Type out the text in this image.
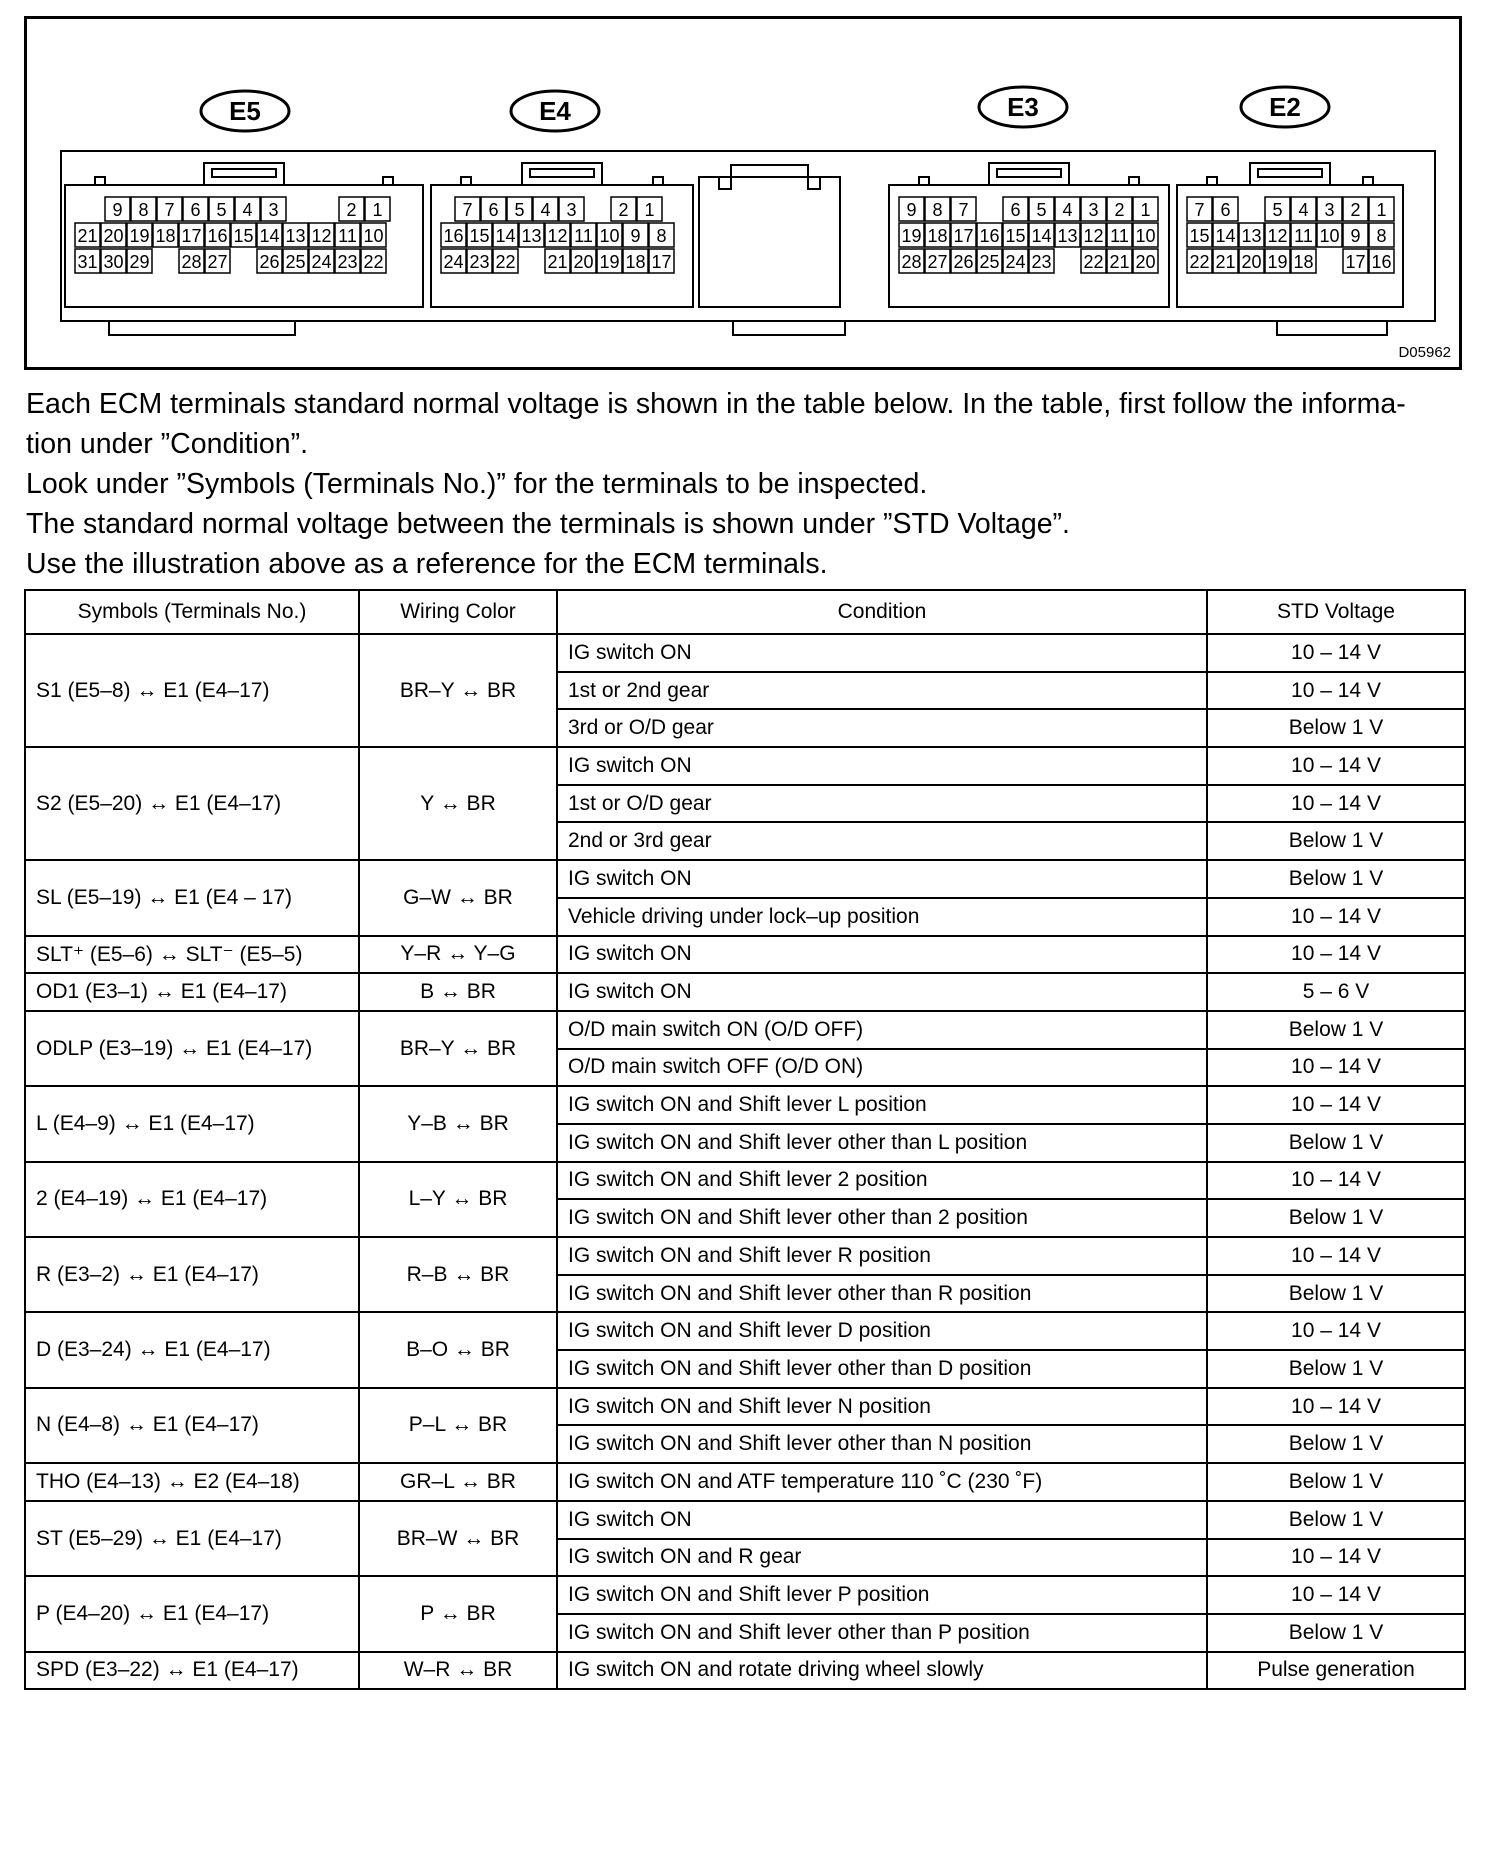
E5
9 8 7 6 5 4 3	2 1
21 20 19 18 17 16 15 14 13 12 11 10
31 30 29 28 27 26 25 24 23 22
E4
7 6 5 4 3 2 1
16 15 14 13 12 11 10 9 8
24 23 22 21 20 19 18 17
E3
9 8 7 6 5 4 3 2 1
19 18 17 16 15 14 13 12 11 10
28 27 26 25 24 23 22 21 20
E2
7 6 5 4 3 2 1
15 14 13 12 11 10 9 8
22 21 20 19 18 17 16
D05962

Each ECM terminals standard normal voltage is shown in the table below. In the table, first follow the informa-

tion under ”Condition”.

Look under ”Symbols (Terminals No.)” for the terminals to be inspected.

The standard normal voltage between the terminals is shown under ”STD Voltage”.

Use the illustration above as a reference for the ECM terminals.

Symbols (Terminals No.)	Wiring Color	Condition	STD Voltage
S1 (E5–8) ↔ E1 (E4–17)	BR–Y ↔ BR	IG switch ON	10 – 14 V
		1st or 2nd gear	10 – 14 V
		3rd or O/D gear	Below 1 V
S2 (E5–20) ↔ E1 (E4–17)	Y ↔ BR	IG switch ON	10 – 14 V
		1st or O/D gear	10 – 14 V
		2nd or 3rd gear	Below 1 V
SL (E5–19) ↔ E1 (E4 – 17)	G–W ↔ BR	IG switch ON	Below 1 V
		Vehicle driving under lock–up position	10 – 14 V
SLT⁺ (E5–6) ↔ SLT⁻ (E5–5)	Y–R ↔ Y–G	IG switch ON	10 – 14 V
OD1 (E3–1) ↔ E1 (E4–17)	B ↔ BR	IG switch ON	5 – 6 V
ODLP (E3–19) ↔ E1 (E4–17)	BR–Y ↔ BR	O/D main switch ON (O/D OFF)	Below 1 V
		O/D main switch OFF (O/D ON)	10 – 14 V
L (E4–9) ↔ E1 (E4–17)	Y–B ↔ BR	IG switch ON and Shift lever L position	10 – 14 V
		IG switch ON and Shift lever other than L position	Below 1 V
2 (E4–19) ↔ E1 (E4–17)	L–Y ↔ BR	IG switch ON and Shift lever 2 position	10 – 14 V
		IG switch ON and Shift lever other than 2 position	Below 1 V
R (E3–2) ↔ E1 (E4–17)	R–B ↔ BR	IG switch ON and Shift lever R position	10 – 14 V
		IG switch ON and Shift lever other than R position	Below 1 V
D (E3–24) ↔ E1 (E4–17)	B–O ↔ BR	IG switch ON and Shift lever D position	10 – 14 V
		IG switch ON and Shift lever other than D position	Below 1 V
N (E4–8) ↔ E1 (E4–17)	P–L ↔ BR	IG switch ON and Shift lever N position	10 – 14 V
		IG switch ON and Shift lever other than N position	Below 1 V
THO (E4–13) ↔ E2 (E4–18)	GR–L ↔ BR	IG switch ON and ATF temperature 110 ˚C (230 ˚F)	Below 1 V
ST (E5–29) ↔ E1 (E4–17)	BR–W ↔ BR	IG switch ON	Below 1 V
		IG switch ON and R gear	10 – 14 V
P (E4–20) ↔ E1 (E4–17)	P ↔ BR	IG switch ON and Shift lever P position	10 – 14 V
		IG switch ON and Shift lever other than P position	Below 1 V
SPD (E3–22) ↔ E1 (E4–17)	W–R ↔ BR	IG switch ON and rotate driving wheel slowly	Pulse generation
